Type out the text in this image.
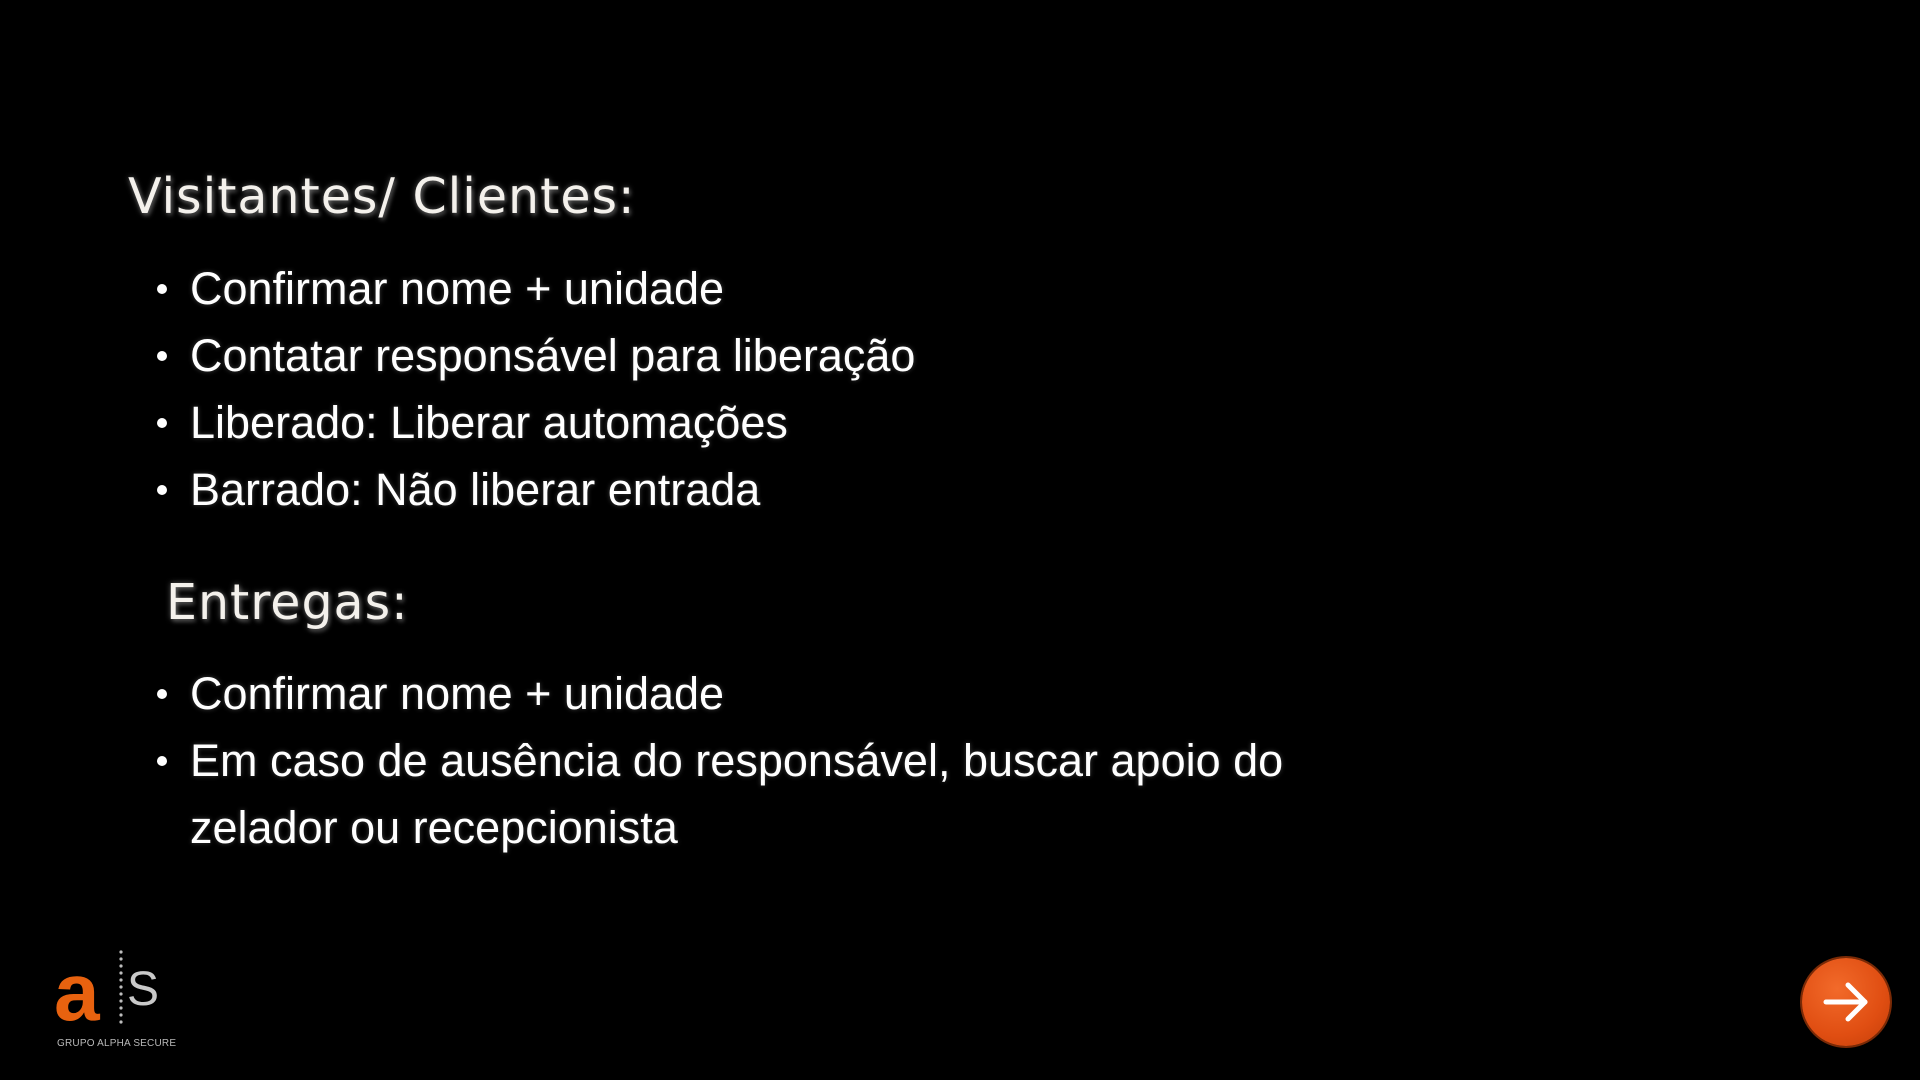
Visitantes/ Clientes:
Confirmar nome + unidade
Contatar responsável para liberação
Liberado: Liberar automações
Barrado: Não liberar entrada
Entregas:
Confirmar nome + unidade
Em caso de ausência do responsável, buscar apoio do zelador ou recepcionista
a S
GRUPO ALPHA SECURE
